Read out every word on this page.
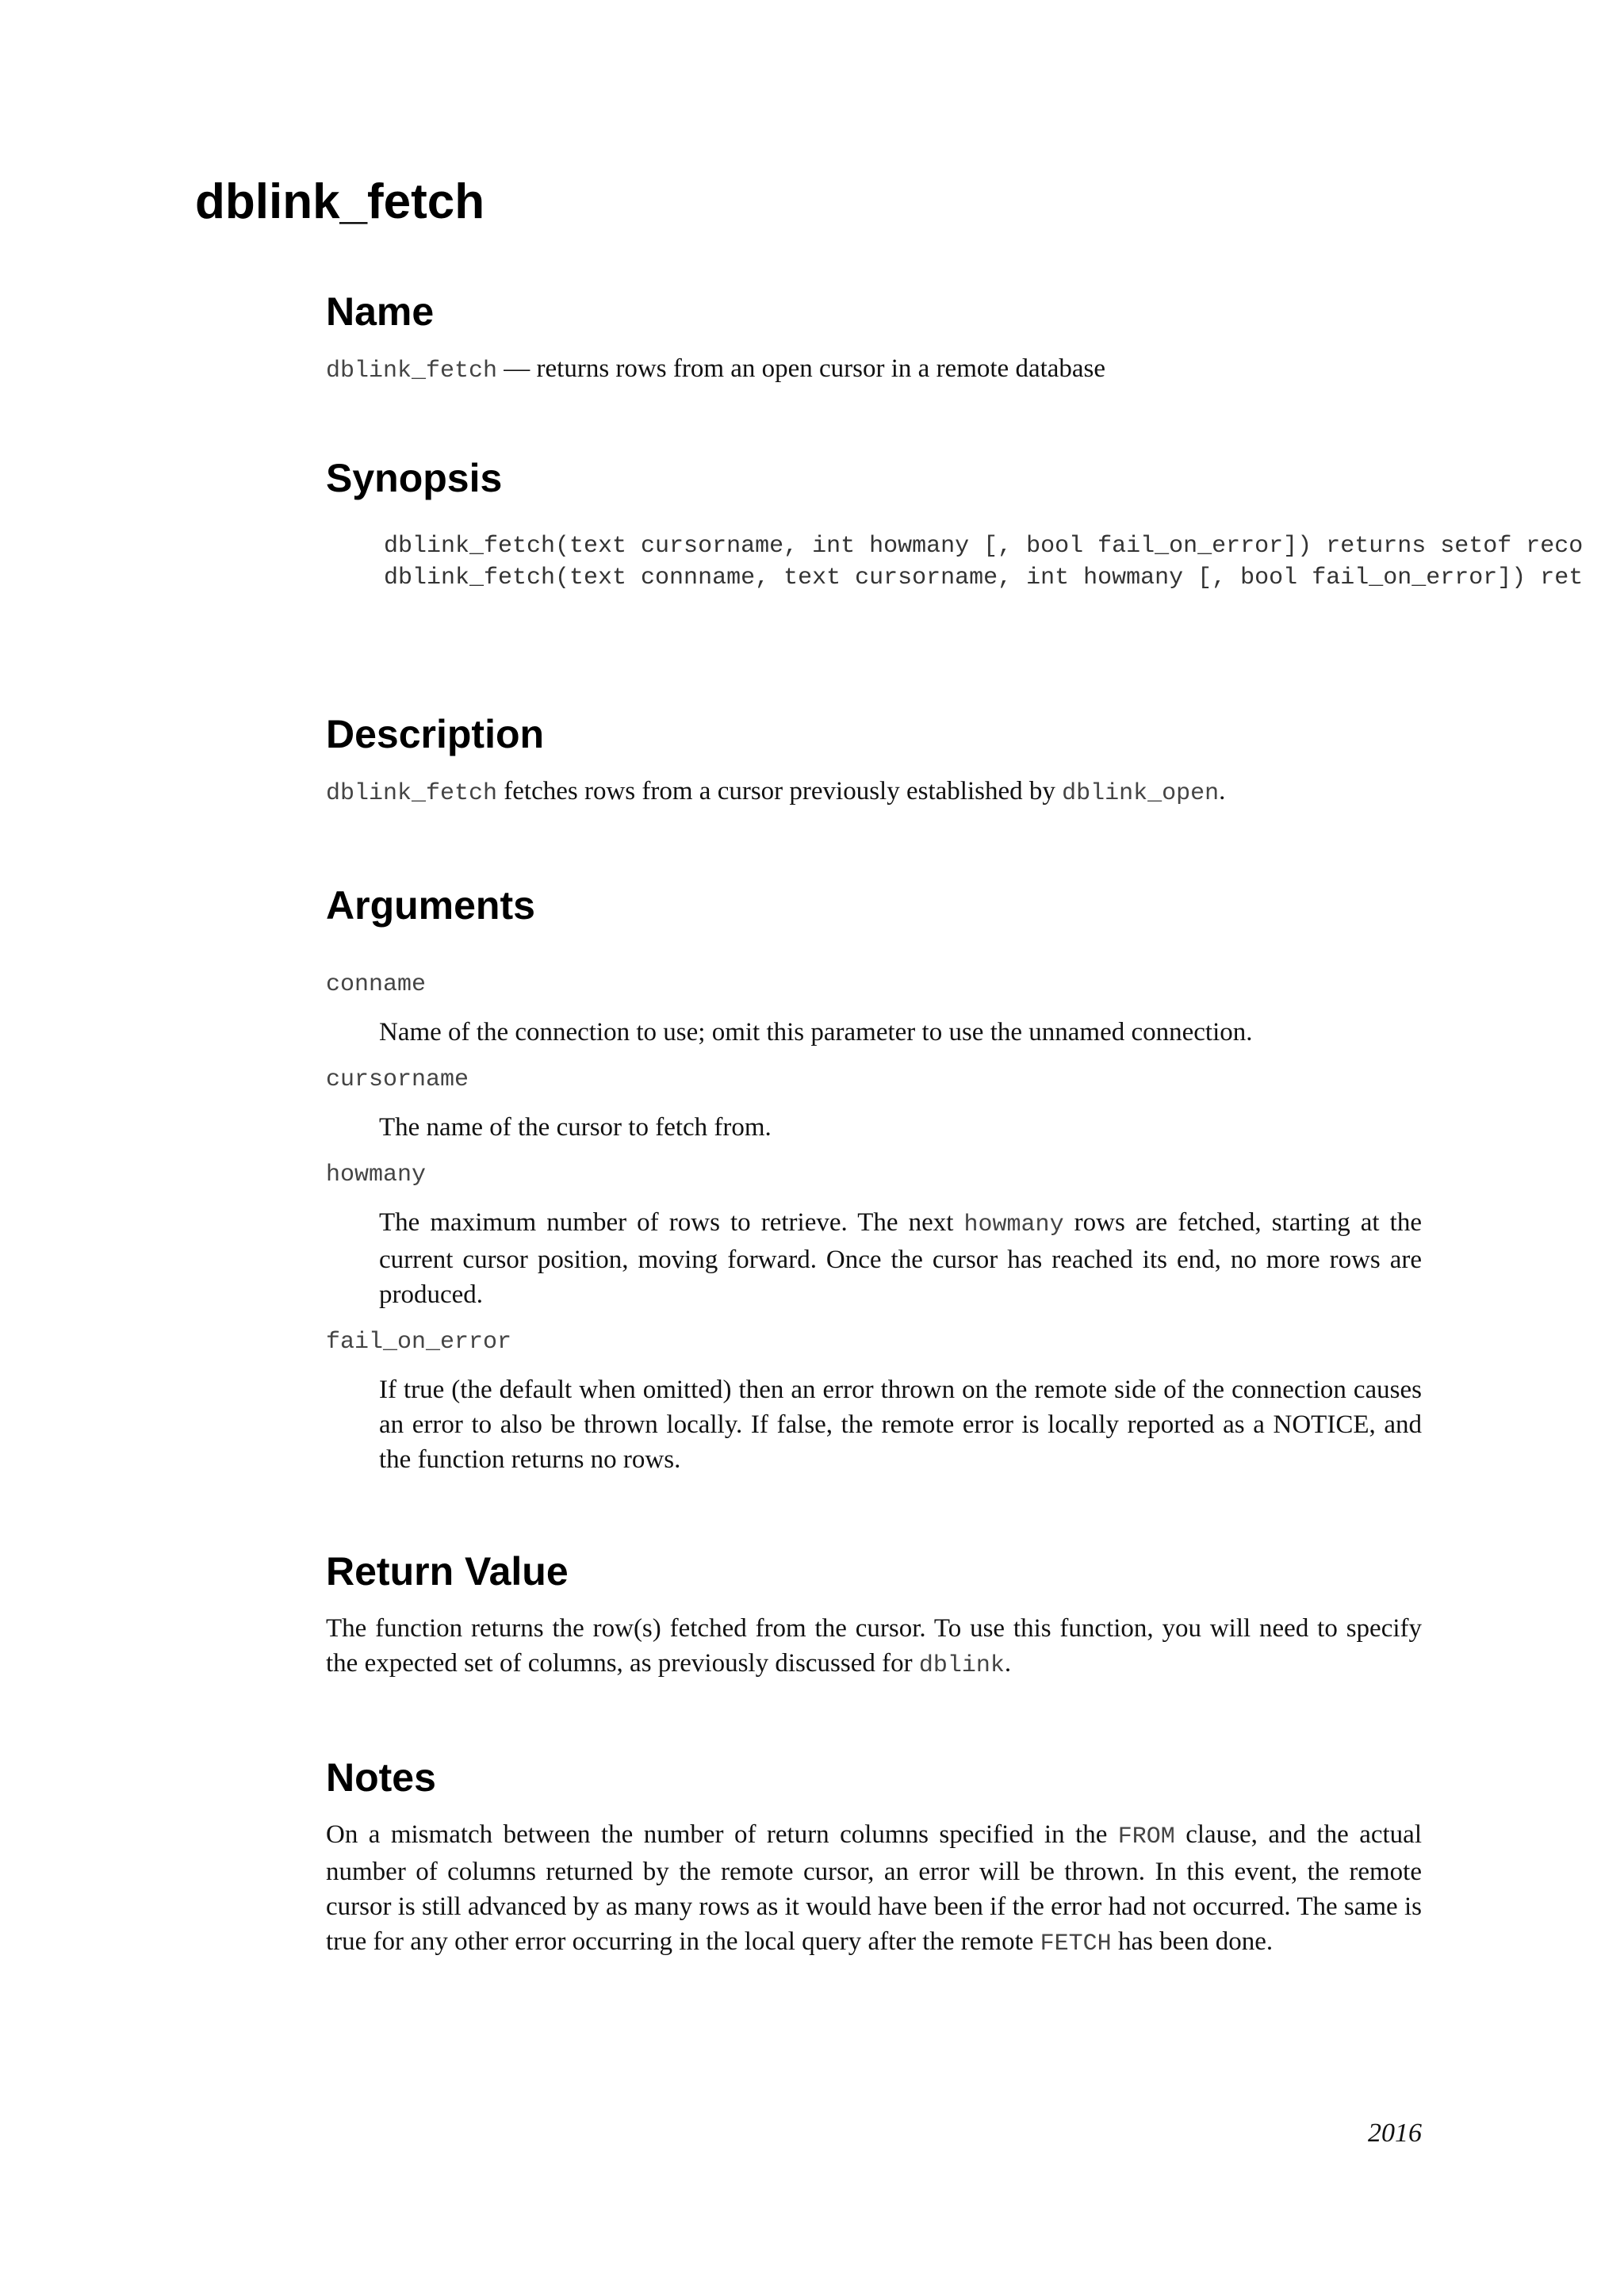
dblink_fetch
Name

dblink_fetch — returns rows from an open cursor in a remote database

Synopsis
dblink_fetch(text cursorname, int howmany [, bool fail_on_error]) returns setof reco
dblink_fetch(text connname, text cursorname, int howmany [, bool fail_on_error]) ret
Description

dblink_fetch fetches rows from a cursor previously established by dblink_open.

Arguments
conname

Name of the connection to use; omit this parameter to use the unnamed connection.

cursorname

The name of the cursor to fetch from.

howmany

The maximum number of rows to retrieve. The next howmany rows are fetched, starting at the current cursor position, moving forward. Once the cursor has reached its end, no more rows are produced.

fail_on_error

If true (the default when omitted) then an error thrown on the remote side of the connection causes an error to also be thrown locally. If false, the remote error is locally reported as a NOTICE, and the function returns no rows.

Return Value

The function returns the row(s) fetched from the cursor. To use this function, you will need to specify the expected set of columns, as previously discussed for dblink.

Notes

On a mismatch between the number of return columns specified in the FROM clause, and the actual number of columns returned by the remote cursor, an error will be thrown. In this event, the remote cursor is still advanced by as many rows as it would have been if the error had not occurred. The same is true for any other error occurring in the local query after the remote FETCH has been done.

2016
